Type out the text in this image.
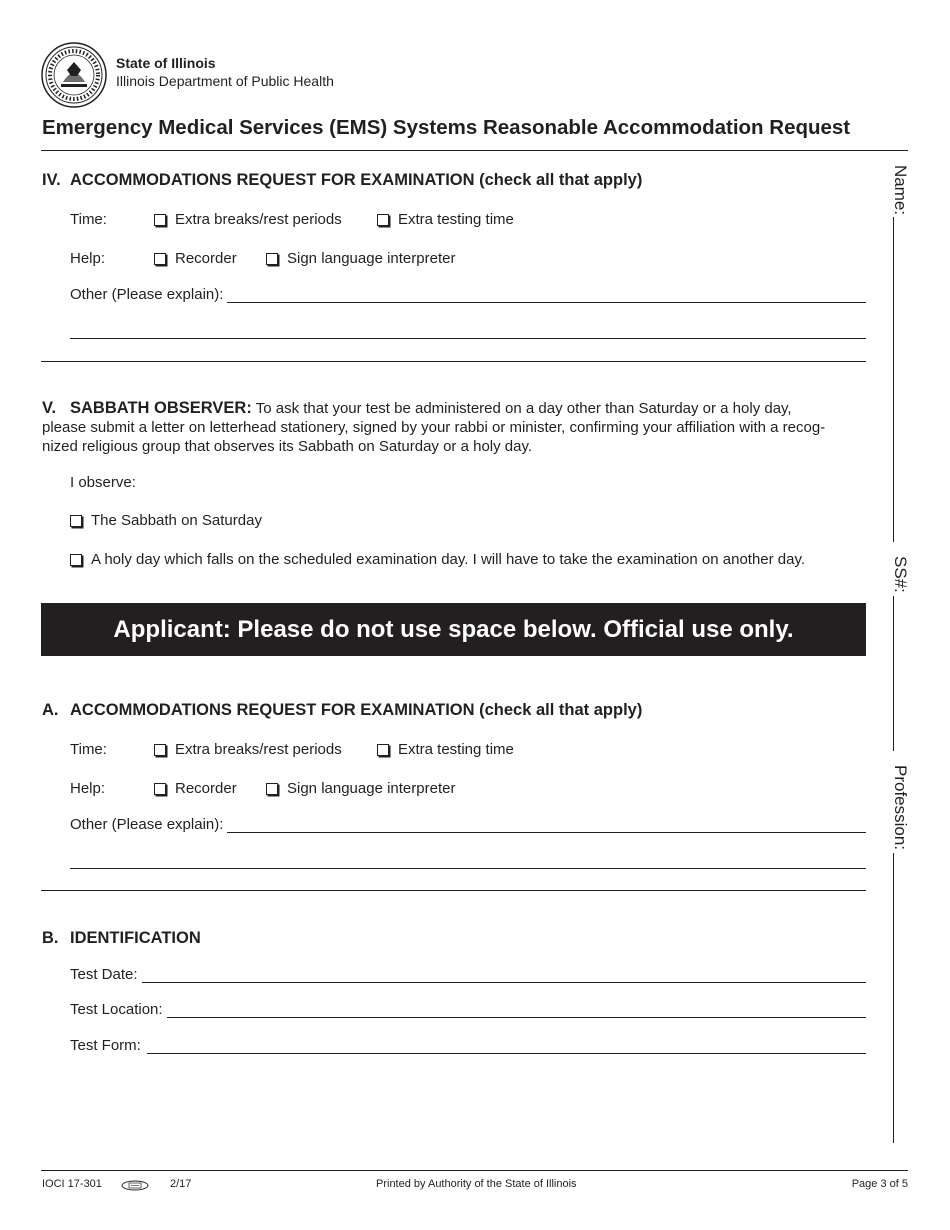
State of Illinois
Illinois Department of Public Health
Emergency Medical Services (EMS) Systems Reasonable Accommodation Request
IV. ACCOMMODATIONS REQUEST FOR EXAMINATION (check all that apply)
Time:	Extra breaks/rest periods	Extra testing time
Help:	Recorder	Sign language interpreter
Other (Please explain):
V. SABBATH OBSERVER: To ask that your test be administered on a day other than Saturday or a holy day,
please submit a letter on letterhead stationery, signed by your rabbi or minister, confirming your affiliation with a recog-
nized religious group that observes its Sabbath on Saturday or a holy day.
I observe:
The Sabbath on Saturday
A holy day which falls on the scheduled examination day. I will have to take the examination on another day.
Applicant: Please do not use space below. Official use only.
A. ACCOMMODATIONS REQUEST FOR EXAMINATION (check all that apply)
Time:	Extra breaks/rest periods	Extra testing time
Help:	Recorder	Sign language interpreter
Other (Please explain):
B. IDENTIFICATION
Test Date:
Test Location:
Test Form:
Name:
SS#:
Profession:
IOCI 17-301	2/17	Printed by Authority of the State of Illinois	Page 3 of 5
